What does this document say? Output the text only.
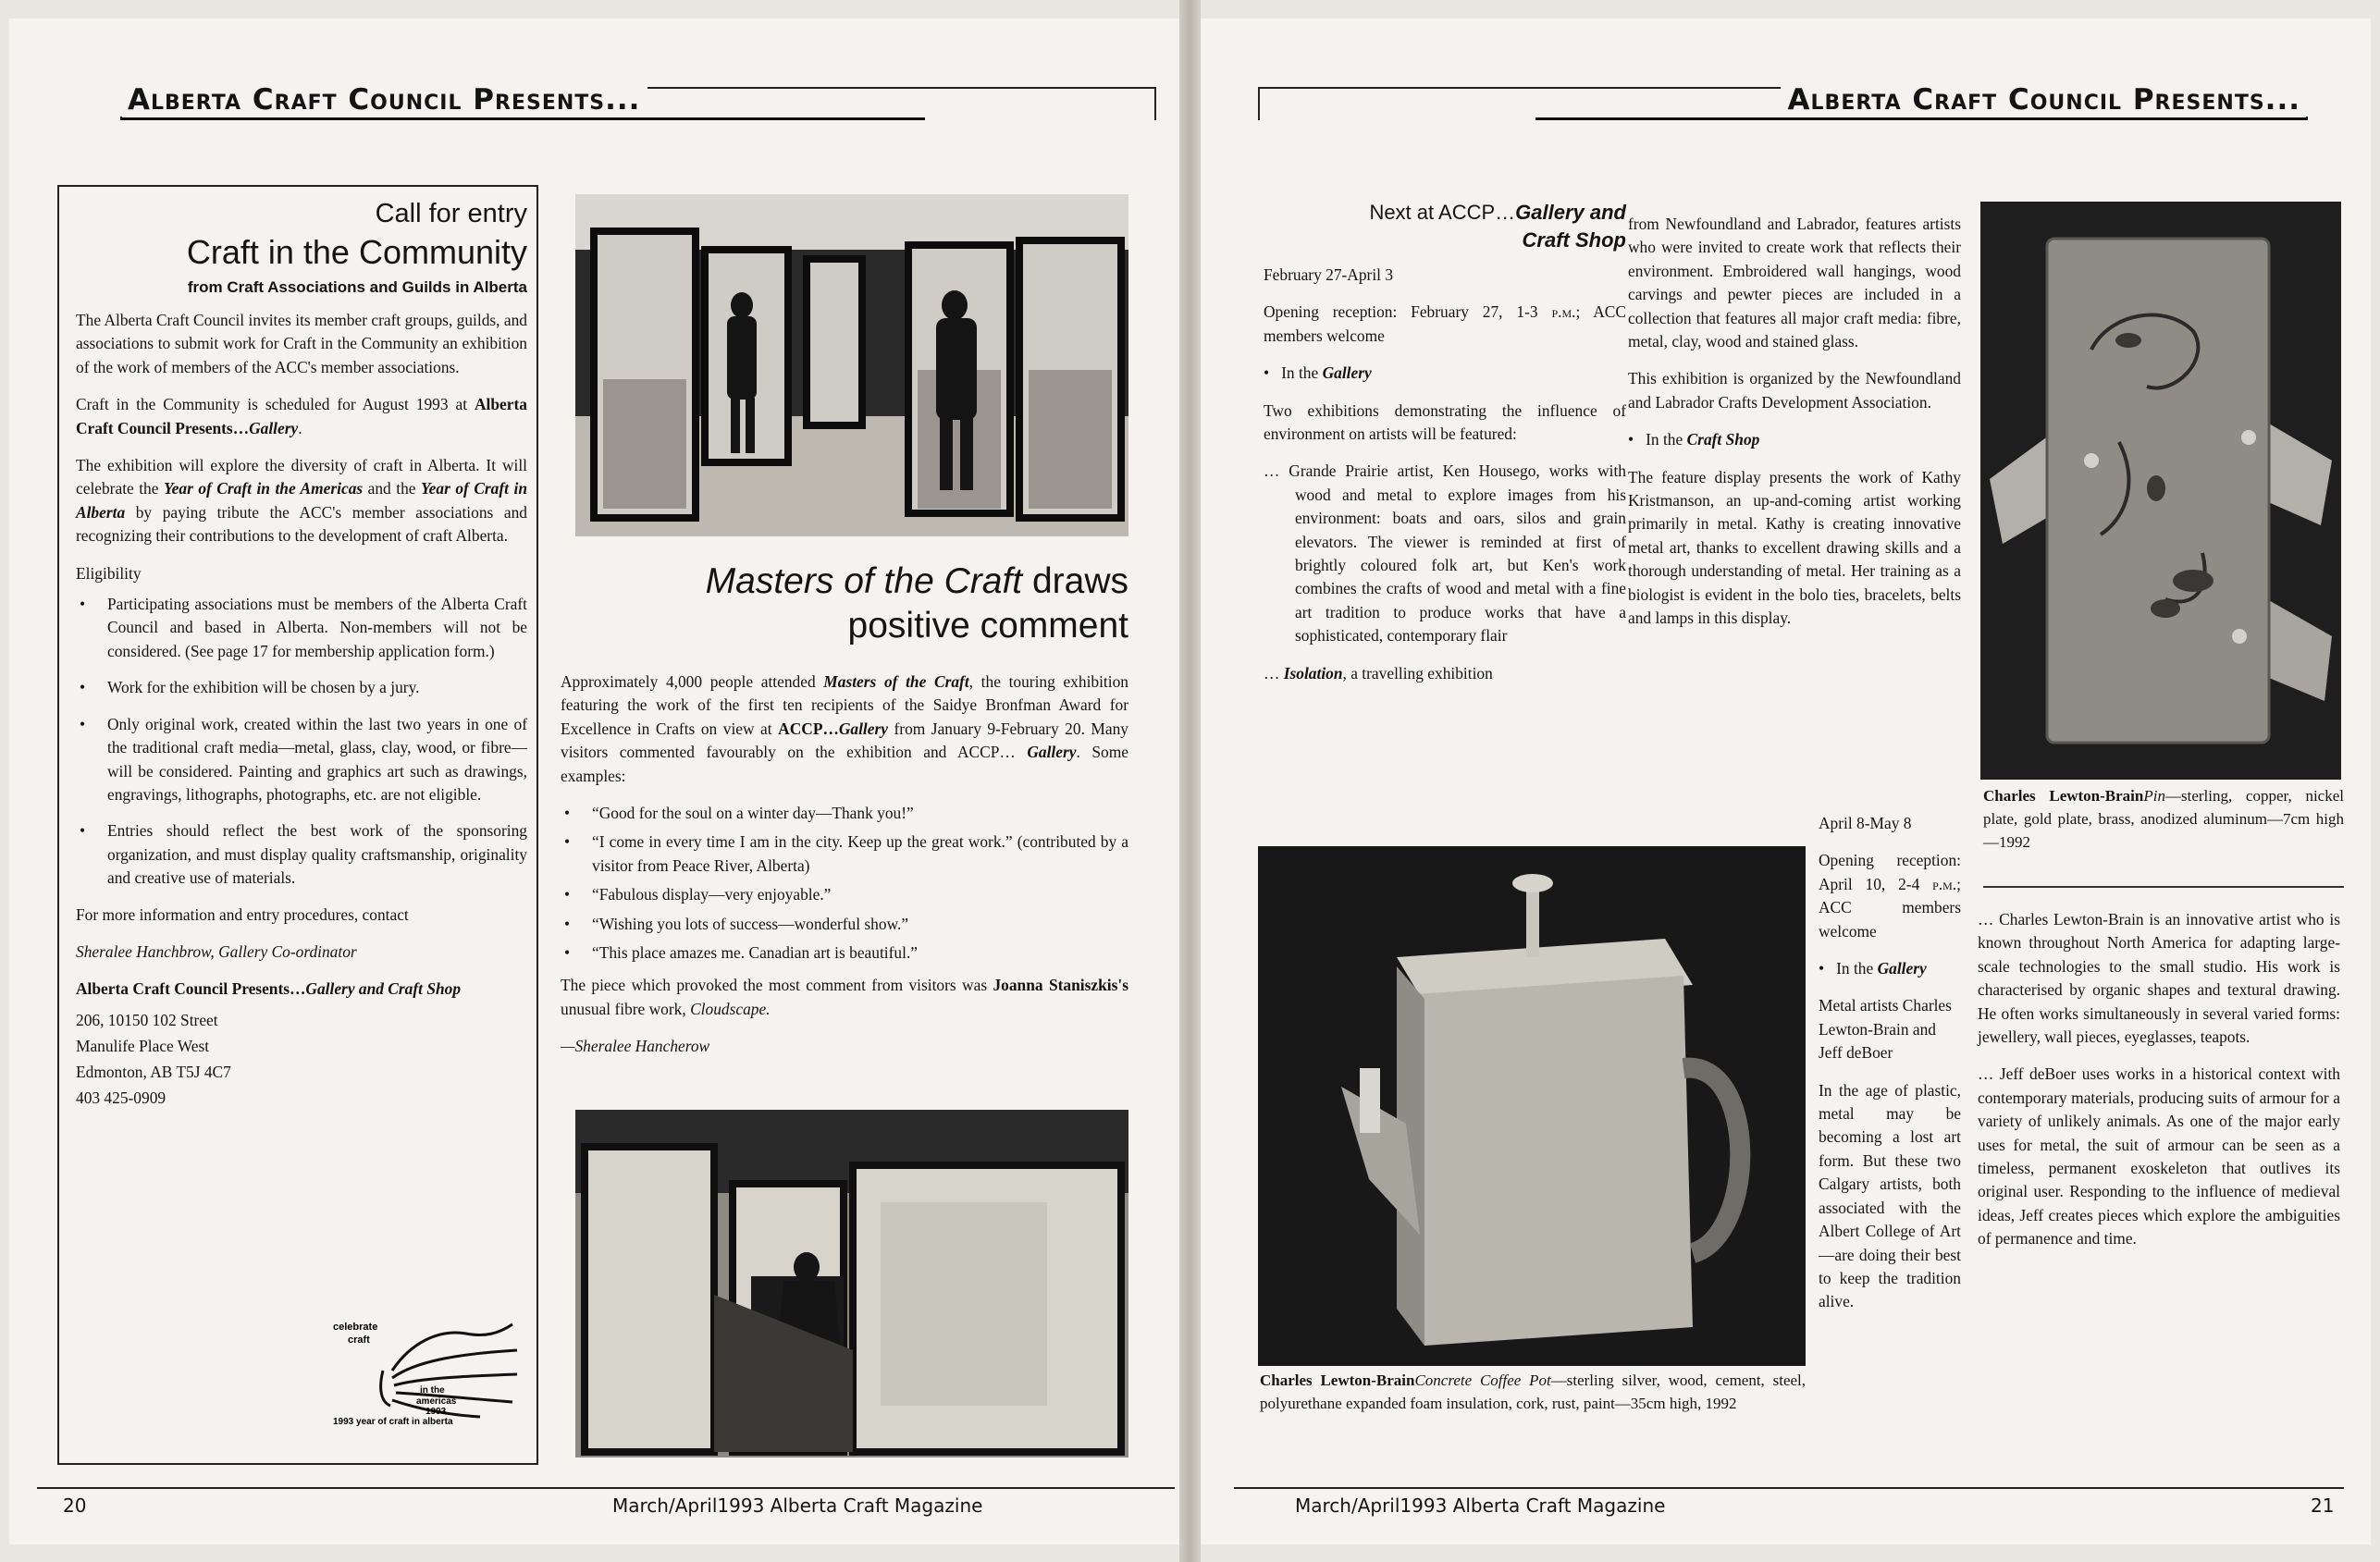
Alberta Craft Council Presents...
Call for entry
Craft in the Community
from Craft Associations and Guilds in Alberta

The Alberta Craft Council invites its member craft groups, guilds, and associations to submit work for Craft in the Community an exhibition of the work of members of the ACC's member associations.

Craft in the Community is scheduled for August 1993 at Alberta Craft Council Presents…Gallery.

The exhibition will explore the diversity of craft in Alberta. It will celebrate the Year of Craft in the Americas and the Year of Craft in Alberta by paying tribute the ACC's member associations and recognizing their contributions to the development of craft Alberta.

Eligibility

• Participating associations must be members of the Alberta Craft Council and based in Alberta. Non-members will not be considered. (See page 17 for membership application form.)
• Work for the exhibition will be chosen by a jury.
• Only original work, created within the last two years in one of the traditional craft media—metal, glass, clay, wood, or fibre—will be considered. Painting and graphics art such as drawings, engravings, lithographs, photographs, etc. are not eligible.
• Entries should reflect the best work of the sponsoring organization, and must display quality craftsmanship, originality and creative use of materials.

For more information and entry procedures, contact

Sheralee Hanchbrow, Gallery Co-ordinator

Alberta Craft Council Presents…Gallery and Craft Shop

206, 10150 102 Street
Manulife Place West
Edmonton, AB T5J 4C7
403 425-0909
celebrate
craft
in the
americas
1993
1993 year of craft in alberta
Masters of the Craft draws
positive comment

Approximately 4,000 people attended Masters of the Craft, the touring exhibition featuring the work of the first ten recipients of the Saidye Bronfman Award for Excellence in Crafts on view at ACCP…Gallery from January 9-February 20. Many visitors commented favourably on the exhibition and ACCP… Gallery. Some examples:

• “Good for the soul on a winter day—Thank you!”
• “I come in every time I am in the city. Keep up the great work.” (contributed by a visitor from Peace River, Alberta)
• “Fabulous display—very enjoyable.”
• “Wishing you lots of success—wonderful show.”
• “This place amazes me. Canadian art is beautiful.”

The piece which provoked the most comment from visitors was Joanna Staniszkis's unusual fibre work, Cloudscape.

—Sheralee Hancherow

20	March/April1993 Alberta Craft Magazine
Alberta Craft Council Presents...
Next at ACCP…Gallery and
Craft Shop

February 27-April 3

Opening reception: February 27, 1-3 p.m.; ACC members welcome

•   In the Gallery

Two exhibitions demonstrating the influence of environment on artists will be featured:

… Grande Prairie artist, Ken Housego, works with wood and metal to explore images from his environment: boats and oars, silos and grain elevators. The viewer is reminded at first of brightly coloured folk art, but Ken's work combines the crafts of wood and metal with a fine art tradition to produce works that have a sophisticated, contemporary flair

… Isolation, a travelling exhibition

from Newfoundland and Labrador, features artists who were invited to create work that reflects their environment. Embroidered wall hangings, wood carvings and pewter pieces are included in a collection that features all major craft media: fibre, metal, clay, wood and stained glass.

This exhibition is organized by the Newfoundland and Labrador Crafts Development Association.

•   In the Craft Shop

The feature display presents the work of Kathy Kristmanson, an up-and-coming artist working primarily in metal. Kathy is creating innovative metal art, thanks to excellent drawing skills and a thorough understanding of metal. Her training as a biologist is evident in the bolo ties, bracelets, belts and lamps in this display.

April 8-May 8

Opening reception: April 10, 2-4 p.m.; ACC members welcome

•   In the Gallery

Metal artists Charles Lewton-Brain and Jeff deBoer

In the age of plastic, metal may be becoming a lost art form. But these two Calgary artists, both associated with the Albert College of Art—are doing their best to keep the tradition alive.

Charles Lewton-BrainPin—sterling, copper, nickel plate, gold plate, brass, anodized aluminum—7cm high—1992

… Charles Lewton-Brain is an innovative artist who is known throughout North America for adapting large-scale technologies to the small studio. His work is characterised by organic shapes and textural drawing. He often works simultaneously in several varied forms: jewellery, wall pieces, eyeglasses, teapots.

… Jeff deBoer uses works in a historical context with contemporary materials, producing suits of armour for a variety of unlikely animals. As one of the major early uses for metal, the suit of armour can be seen as a timeless, permanent exoskeleton that outlives its original user. Responding to the influence of medieval ideas, Jeff creates pieces which explore the ambiguities of permanence and time.

Charles Lewton-BrainConcrete Coffee Pot—sterling silver, wood, cement, steel, polyurethane expanded foam insulation, cork, rust, paint—35cm high, 1992
March/April1993 Alberta Craft Magazine	21
